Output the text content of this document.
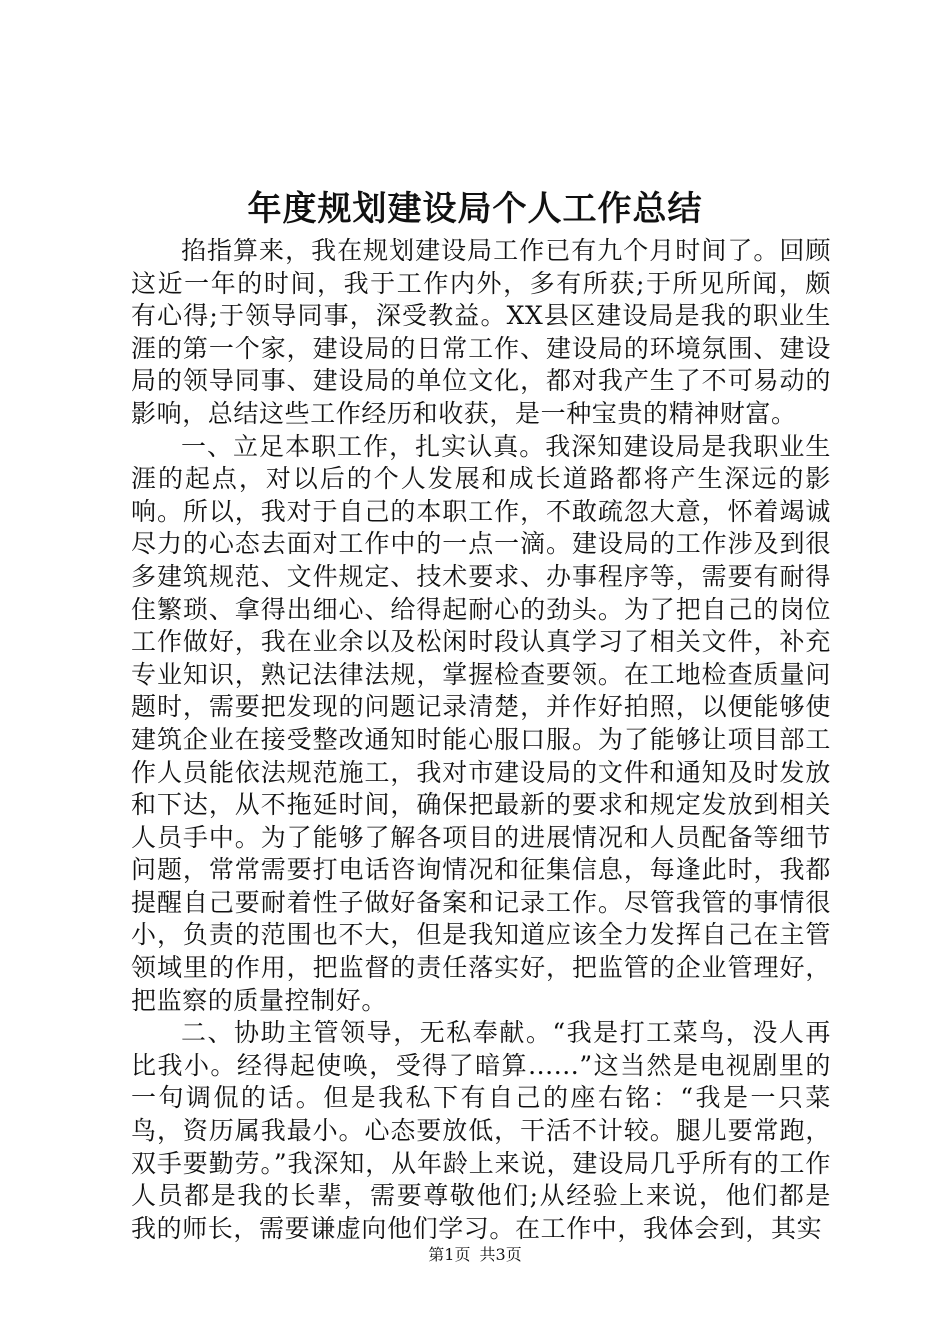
年度规划建设局个人工作总结

掐指算来，我在规划建设局工作已有九个月时间了。回顾这近一年的时间，我于工作内外，多有所获;于所见所闻，颇有心得;于领导同事，深受教益。XX县区建设局是我的职业生涯的第一个家，建设局的日常工作、建设局的环境氛围、建设局的领导同事、建设局的单位文化，都对我产生了不可易动的影响，总结这些工作经历和收获，是一种宝贵的精神财富。

一、立足本职工作，扎实认真。我深知建设局是我职业生涯的起点，对以后的个人发展和成长道路都将产生深远的影响。所以，我对于自己的本职工作，不敢疏忽大意，怀着竭诚尽力的心态去面对工作中的一点一滴。建设局的工作涉及到很多建筑规范、文件规定、技术要求、办事程序等，需要有耐得住繁琐、拿得出细心、给得起耐心的劲头。为了把自己的岗位工作做好，我在业余以及松闲时段认真学习了相关文件，补充专业知识，熟记法律法规，掌握检查要领。在工地检查质量问题时，需要把发现的问题记录清楚，并作好拍照，以便能够使建筑企业在接受整改通知时能心服口服。为了能够让项目部工作人员能依法规范施工，我对市建设局的文件和通知及时发放和下达，从不拖延时间，确保把最新的要求和规定发放到相关人员手中。为了能够了解各项目的进展情况和人员配备等细节问题，常常需要打电话咨询情况和征集信息，每逢此时，我都提醒自己要耐着性子做好备案和记录工作。尽管我管的事情很小，负责的范围也不大，但是我知道应该全力发挥自己在主管领域里的作用，把监督的责任落实好，把监管的企业管理好，把监察的质量控制好。

二、协助主管领导，无私奉献。“我是打工菜鸟，没人再比我小。经得起使唤，受得了暗算......”这当然是电视剧里的一句调侃的话。但是我私下有自己的座右铭：“我是一只菜鸟，资历属我最小。心态要放低，干活不计较。腿儿要常跑，双手要勤劳。”我深知，从年龄上来说，建设局几乎所有的工作人员都是我的长辈，需要尊敬他们;从经验上来说，他们都是我的师长，需要谦虚向他们学习。在工作中，我体会到，其实

第1页 共3页
